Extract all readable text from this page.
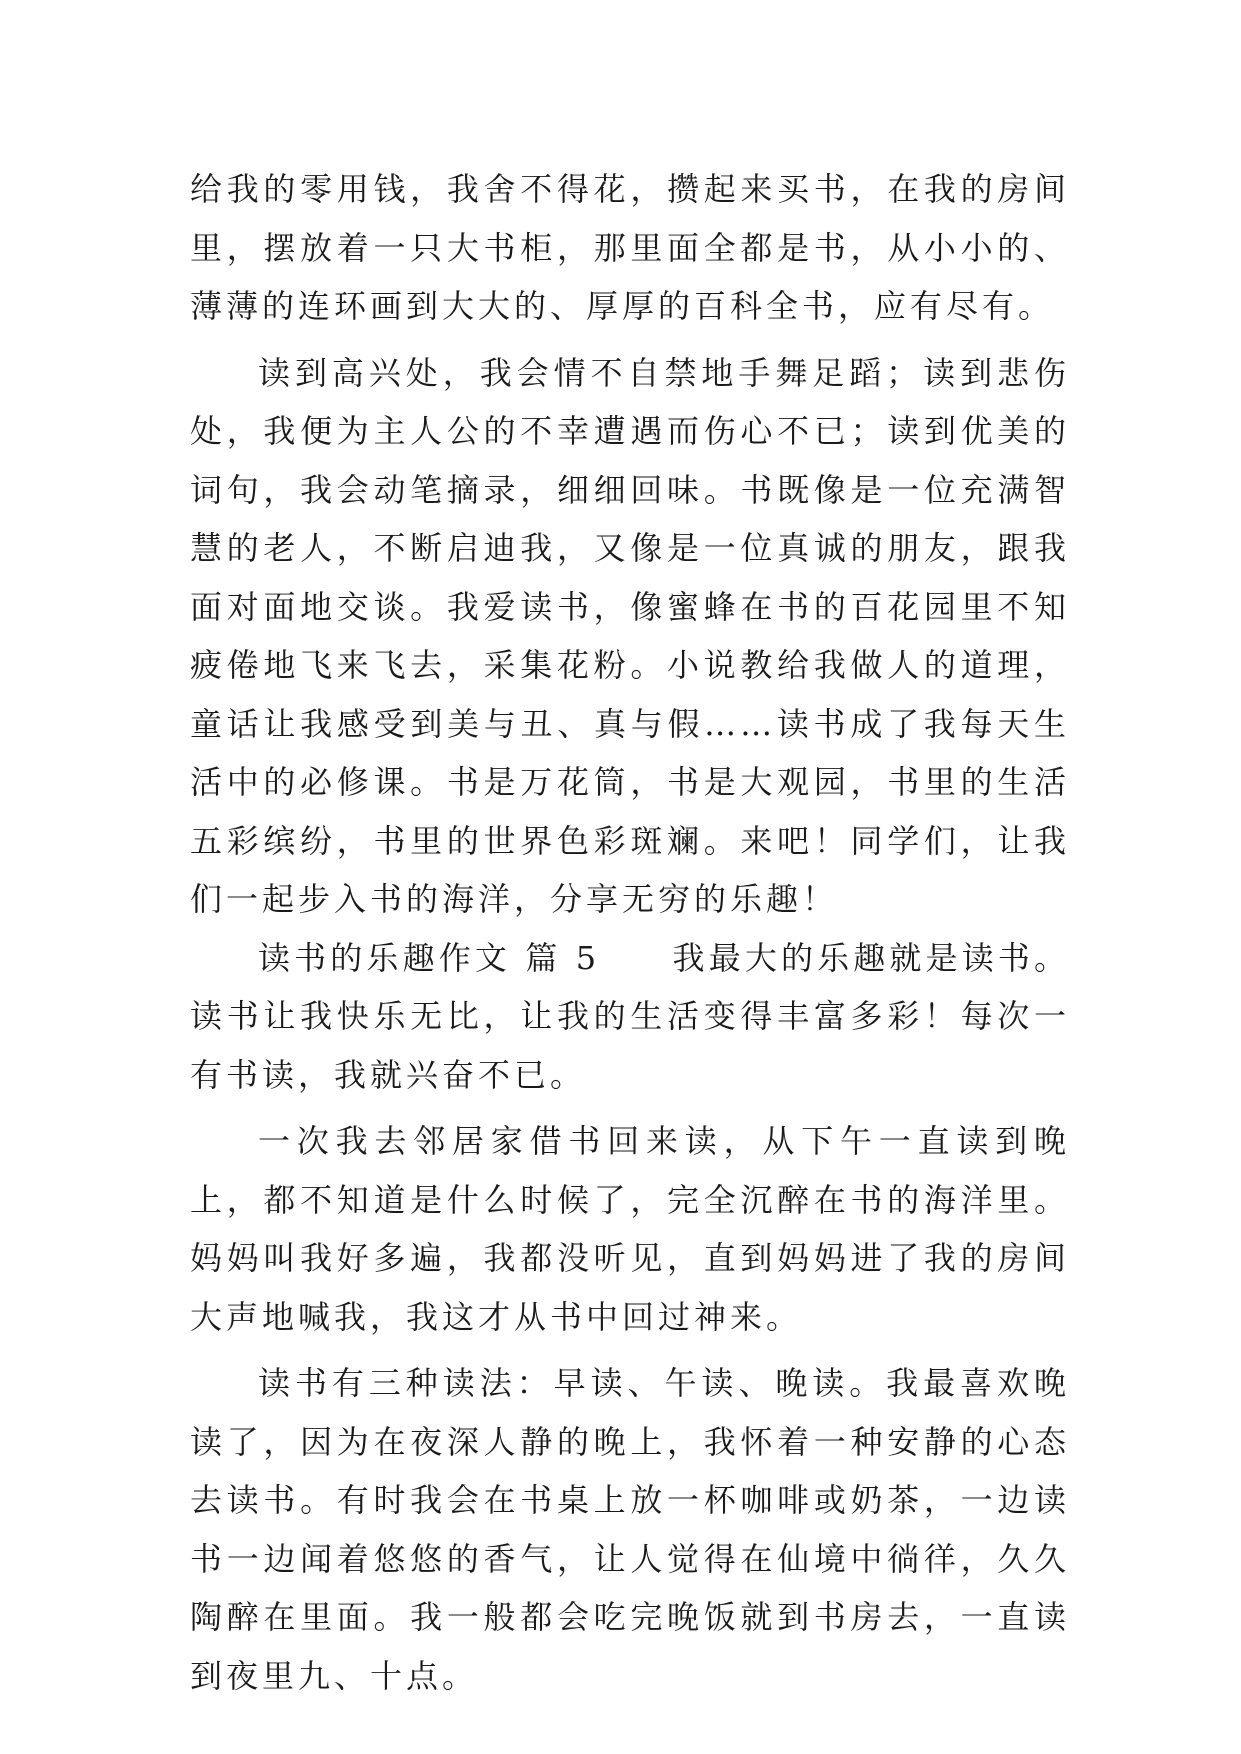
给我的零用钱，我舍不得花，攒起来买书，在我的房间里，摆放着一只大书柜，那里面全都是书，从小小的、薄薄的连环画到大大的、厚厚的百科全书，应有尽有。

读到高兴处，我会情不自禁地手舞足蹈；读到悲伤处，我便为主人公的不幸遭遇而伤心不已；读到优美的词句，我会动笔摘录，细细回味。书既像是一位充满智慧的老人，不断启迪我，又像是一位真诚的朋友，跟我面对面地交谈。我爱读书，像蜜蜂在书的百花园里不知疲倦地飞来飞去，采集花粉。小说教给我做人的道理，童话让我感受到美与丑、真与假……读书成了我每天生活中的必修课。书是万花筒，书是大观园，书里的生活五彩缤纷，书里的世界色彩斑斓。来吧！同学们，让我们一起步入书的海洋，分享无穷的乐趣！

读书的乐趣作文 篇 5　　我最大的乐趣就是读书。读书让我快乐无比，让我的生活变得丰富多彩！每次一有书读，我就兴奋不已。

一次我去邻居家借书回来读，从下午一直读到晚上，都不知道是什么时候了，完全沉醉在书的海洋里。妈妈叫我好多遍，我都没听见，直到妈妈进了我的房间大声地喊我，我这才从书中回过神来。

读书有三种读法：早读、午读、晚读。我最喜欢晚读了，因为在夜深人静的晚上，我怀着一种安静的心态去读书。有时我会在书桌上放一杯咖啡或奶茶，一边读书一边闻着悠悠的香气，让人觉得在仙境中徜徉，久久陶醉在里面。我一般都会吃完晚饭就到书房去，一直读到夜里九、十点。
